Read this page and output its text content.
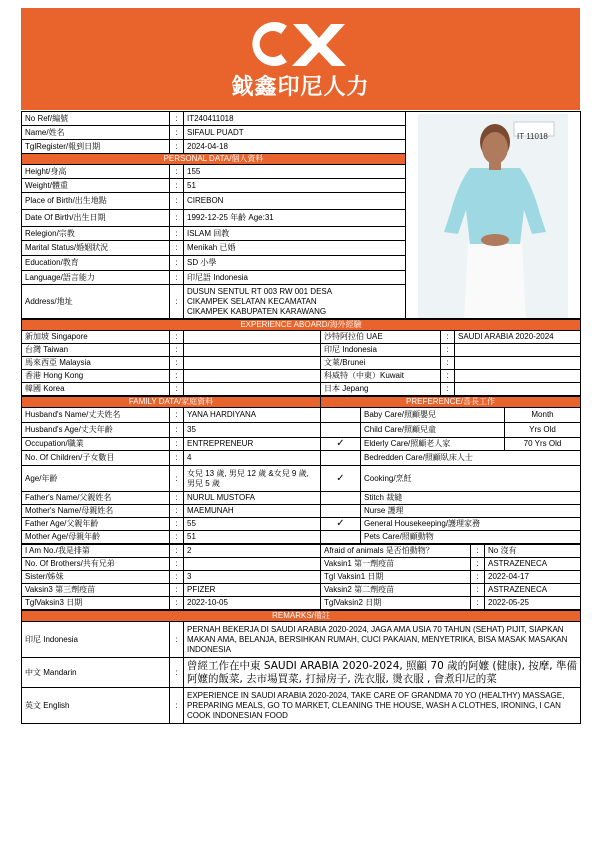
鉞鑫印尼人力
No Ref/編號	:	IT240411018	IT 11018

Name/姓名	:	SIFAUL PUADT	
TglRegister/報到日期	:	2024-04-18	
PERSONAL DATA/個人資料			
Height/身高	:	155	
Weight/體重	:	51	
Place of Birth/出生地點	:	CIREBON	
Date Of Birth/出生日期	:	1992-12-25 年齡 Age:31	
Relegion/宗教	:	ISLAM 回教	
Marital Status/婚姻狀況	:	Menikah 已婚	
Education/教育	:	SD 小學	
Language/語言能力	:	印尼語 Indonesia	
Address/地址	:	DUSUN SENTUL RT 003 RW 001 DESA
CIKAMPEK SELATAN KECAMATAN
CIKAMPEK KABUPATEN KARAWANG	
EXPERIENCE ABOARD/海外經驗					
新加坡 Singapore	:		沙特阿拉伯 UAE	:	SAUDI ARABIA 2020-2024
台灣 Taiwan	:		印尼 Indonesia	:	
馬來西亞 Malaysia	:		文萊/Brunei	:	
香港 Hong Kong	:		科威特（中東）Kuwait	:	
韓國 Korea	:		日本 Jepang	:	
FAMILY DATA/家庭資料			PREFERENCE/喜長工作		
Husband's Name/丈夫姓名	:	YANA HARDIYANA		Baby Care/照顧嬰兒	Month
Husband's Age/丈夫年齡	:	35		Child Care/照顧兒童	Yrs Old
Occupation/職業	:	ENTREPRENEUR	✓	Elderly Care/照顧老人家	70 Yrs Old
No. Of Children/子女數目	:	4		Bedredden Care/照顧臥床人士	
Age/年齡	:	女兒 13 歲, 男兒 12 歲 &女兒 9 歲, 男兒 5 歲	✓	Cooking/烹飪	
Father's Name/父親姓名	:	NURUL MUSTOFA		Stitch 裁縫	
Mother's Name/母親姓名	:	MAEMUNAH		Nurse 護理	
Father Age/父親年齡	:	55	✓	General Housekeeping/護理家務	
Mother Age/母親年齡	:	51		Pets Care/照顧動物	
I Am No./我是排第	:	2	Afraid of animals 是否怕動物？	:	No 沒有
No. Of Brothers/共有兄弟	:		Vaksin1 第一劑疫苗	:	ASTRAZENECA
Sister/姊妹	:	3	Tgl Vaksin1 日期	:	2022-04-17
Vaksin3 第三劑疫苗	:	PFIZER	Vaksin2 第二劑疫苗	:	ASTRAZENECA
TglVaksin3 日期	:	2022-10-05	TglVaksin2 日期	:	2022-05-25
REMARKS/備註		
印尼 Indonesia	:	PERNAH BEKERJA DI SAUDI ARABIA 2020-2024, JAGA AMA USIA 70 TAHUN (SEHAT) PIJIT, SIAPKAN MAKAN AMA, BELANJA, BERSIHKAN RUMAH, CUCI PAKAIAN, MENYETRIKA, BISA MASAK MASAKAN INDONESIA
中文 Mandarin	:	曾經工作在中東 SAUDI ARABIA 2020-2024, 照顧 70 歲的阿嬤 (健康), 按摩, 準備阿嬤的飯菜, 去市場買菜, 打掃房子, 洗衣服, 燙衣服 , 會煮印尼的菜
英文 English	:	EXPERIENCE IN SAUDI ARABIA 2020-2024, TAKE CARE OF GRANDMA 70 YO (HEALTHY) MASSAGE, PREPARING MEALS, GO TO MARKET, CLEANING THE HOUSE, WASH A CLOTHES, IRONING, I CAN COOK INDONESIAN FOOD
